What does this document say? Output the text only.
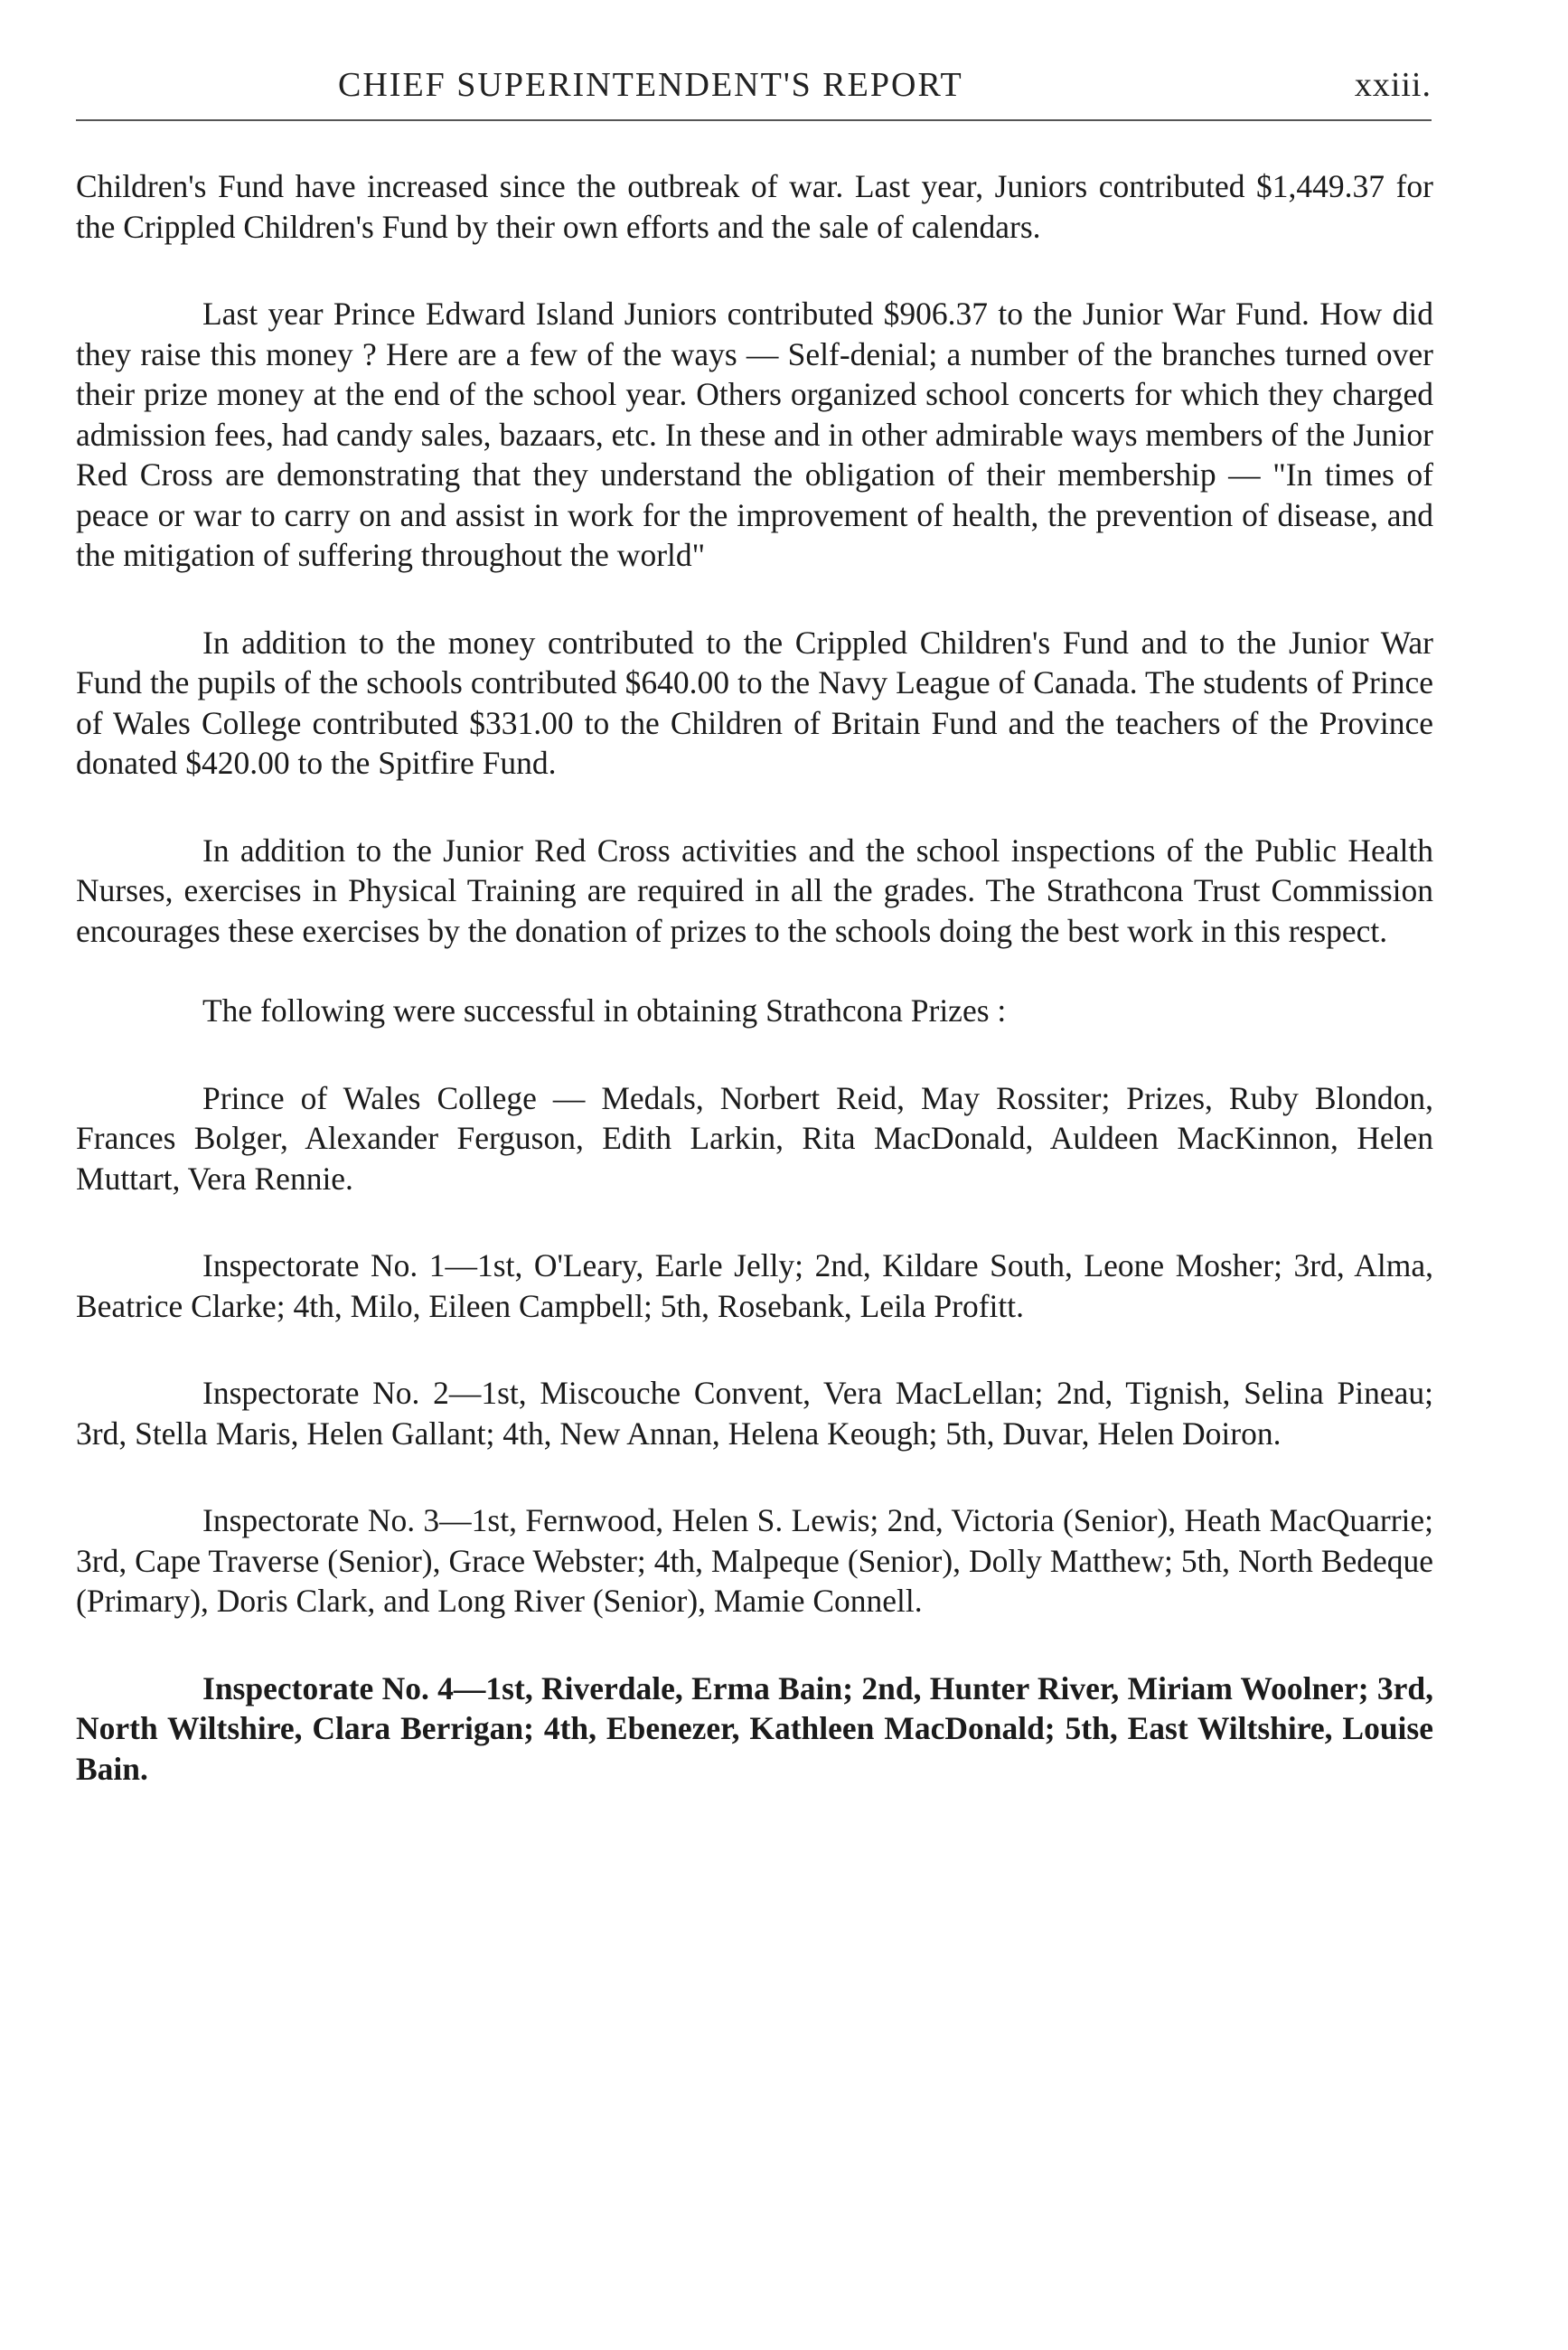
CHIEF SUPERINTENDENT'S REPORT	xxiii.

Children's Fund have increased since the outbreak of war. Last year, Juniors contributed $1,449.37 for the Crippled Children's Fund by their own efforts and the sale of calendars.

Last year Prince Edward Island Juniors contributed $906.37 to the Junior War Fund. How did they raise this money ? Here are a few of the ways — Self-denial; a number of the branches turned over their prize money at the end of the school year. Others organized school concerts for which they charged admission fees, had candy sales, bazaars, etc. In these and in other admirable ways members of the Junior Red Cross are demonstrating that they understand the obligation of their membership — "In times of peace or war to carry on and assist in work for the improvement of health, the prevention of disease, and the mitigation of suffering throughout the world"

In addition to the money contributed to the Crippled Children's Fund and to the Junior War Fund the pupils of the schools contributed $640.00 to the Navy League of Canada. The students of Prince of Wales College contributed $331.00 to the Children of Britain Fund and the teachers of the Province donated $420.00 to the Spitfire Fund.

In addition to the Junior Red Cross activities and the school inspections of the Public Health Nurses, exercises in Physical Training are required in all the grades. The Strathcona Trust Commission encourages these exercises by the donation of prizes to the schools doing the best work in this respect.

The following were successful in obtaining Strathcona Prizes :

Prince of Wales College — Medals, Norbert Reid, May Rossiter; Prizes, Ruby Blondon, Frances Bolger, Alexander Ferguson, Edith Larkin, Rita MacDonald, Auldeen MacKinnon, Helen Muttart, Vera Rennie.

Inspectorate No. 1—1st, O'Leary, Earle Jelly; 2nd, Kildare South, Leone Mosher; 3rd, Alma, Beatrice Clarke; 4th, Milo, Eileen Campbell; 5th, Rosebank, Leila Profitt.

Inspectorate No. 2—1st, Miscouche Convent, Vera MacLellan; 2nd, Tignish, Selina Pineau; 3rd, Stella Maris, Helen Gallant; 4th, New Annan, Helena Keough; 5th, Duvar, Helen Doiron.

Inspectorate No. 3—1st, Fernwood, Helen S. Lewis; 2nd, Victoria (Senior), Heath MacQuarrie; 3rd, Cape Traverse (Senior), Grace Webster; 4th, Malpeque (Senior), Dolly Matthew; 5th, North Bedeque (Primary), Doris Clark, and Long River (Senior), Mamie Connell.

Inspectorate No. 4—1st, Riverdale, Erma Bain; 2nd, Hunter River, Miriam Woolner; 3rd, North Wiltshire, Clara Berrigan; 4th, Ebenezer, Kathleen MacDonald; 5th, East Wiltshire, Louise Bain.
